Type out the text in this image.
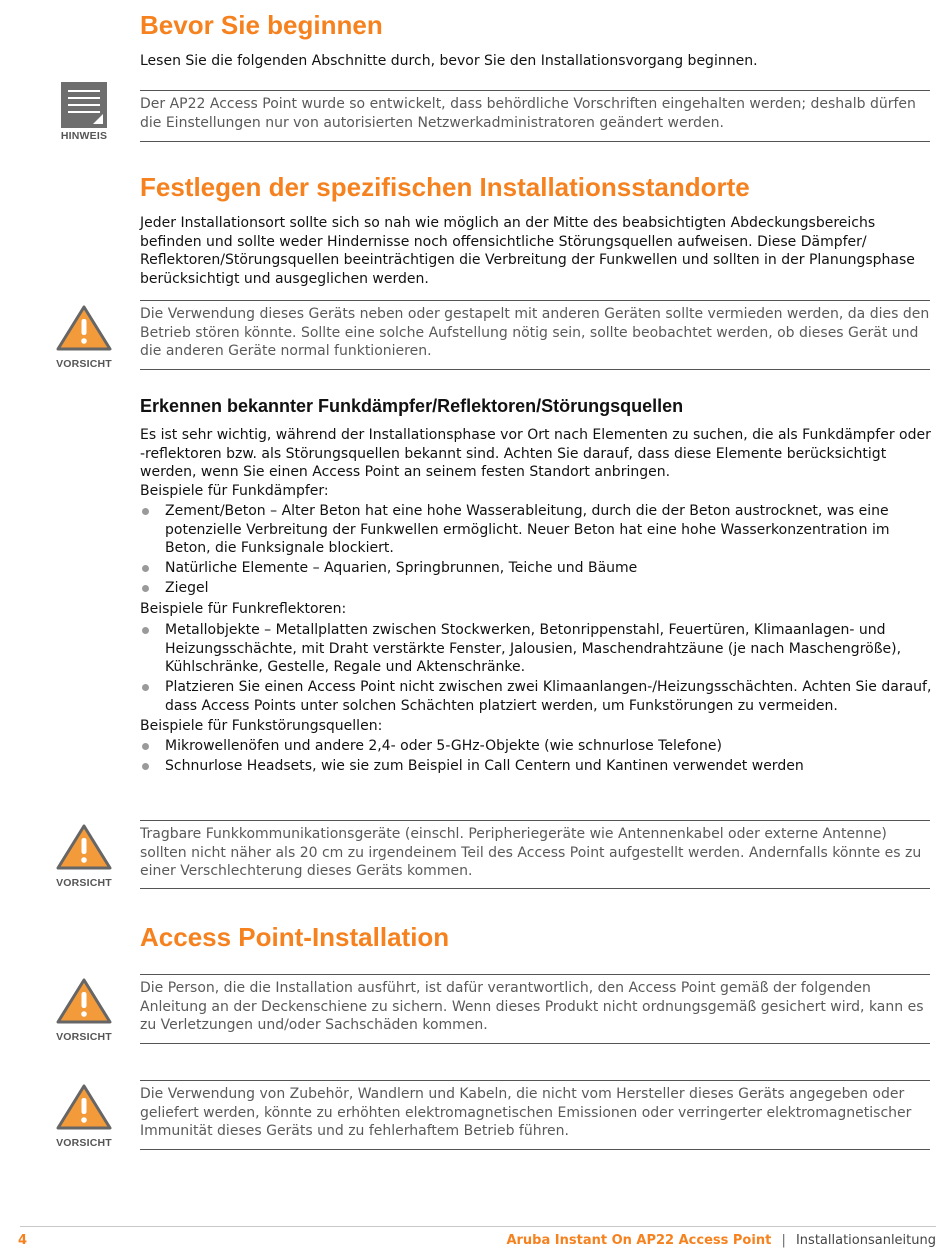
Bevor Sie beginnen
Lesen Sie die folgenden Abschnitte durch, bevor Sie den Installationsvorgang beginnen.
HINWEIS
Der AP22 Access Point wurde so entwickelt, dass behördliche Vorschriften eingehalten werden; deshalb dürfen die Einstellungen nur von autorisierten Netzwerkadministratoren geändert werden.
Festlegen der spezifischen Installationsstandorte
Jeder Installationsort sollte sich so nah wie möglich an der Mitte des beabsichtigten Abdeckungsbereichs befinden und sollte weder Hindernisse noch offensichtliche Störungsquellen aufweisen. Diese Dämpfer/ Reflektoren/Störungsquellen beeinträchtigen die Verbreitung der Funkwellen und sollten in der Planungsphase berücksichtigt und ausgeglichen werden.
VORSICHT
Die Verwendung dieses Geräts neben oder gestapelt mit anderen Geräten sollte vermieden werden, da dies den Betrieb stören könnte. Sollte eine solche Aufstellung nötig sein, sollte beobachtet werden, ob dieses Gerät und die anderen Geräte normal funktionieren.
Erkennen bekannter Funkdämpfer/Reflektoren/Störungsquellen
Es ist sehr wichtig, während der Installationsphase vor Ort nach Elementen zu suchen, die als Funkdämpfer oder -reflektoren bzw. als Störungsquellen bekannt sind. Achten Sie darauf, dass diese Elemente berücksichtigt werden, wenn Sie einen Access Point an seinem festen Standort anbringen.
Beispiele für Funkdämpfer:
Zement/Beton – Alter Beton hat eine hohe Wasserableitung, durch die der Beton austrocknet, was eine potenzielle Verbreitung der Funkwellen ermöglicht. Neuer Beton hat eine hohe Wasserkonzentration im Beton, die Funksignale blockiert.
Natürliche Elemente – Aquarien, Springbrunnen, Teiche und Bäume
Ziegel
Beispiele für Funkreflektoren:
Metallobjekte – Metallplatten zwischen Stockwerken, Betonrippenstahl, Feuertüren, Klimaanlagen- und Heizungsschächte, mit Draht verstärkte Fenster, Jalousien, Maschendrahtzäune (je nach Maschengröße), Kühlschränke, Gestelle, Regale und Aktenschränke.
Platzieren Sie einen Access Point nicht zwischen zwei Klimaanlangen-/Heizungsschächten. Achten Sie darauf, dass Access Points unter solchen Schächten platziert werden, um Funkstörungen zu vermeiden.
Beispiele für Funkstörungsquellen:
Mikrowellenöfen und andere 2,4- oder 5-GHz-Objekte (wie schnurlose Telefone)
Schnurlose Headsets, wie sie zum Beispiel in Call Centern und Kantinen verwendet werden
VORSICHT
Tragbare Funkkommunikationsgeräte (einschl. Peripheriegeräte wie Antennenkabel oder externe Antenne) sollten nicht näher als 20 cm zu irgendeinem Teil des Access Point aufgestellt werden. Andernfalls könnte es zu einer Verschlechterung dieses Geräts kommen.
Access Point-Installation
VORSICHT
Die Person, die die Installation ausführt, ist dafür verantwortlich, den Access Point gemäß der folgenden Anleitung an der Deckenschiene zu sichern. Wenn dieses Produkt nicht ordnungsgemäß gesichert wird, kann es zu Verletzungen und/oder Sachschäden kommen.
VORSICHT
Die Verwendung von Zubehör, Wandlern und Kabeln, die nicht vom Hersteller dieses Geräts angegeben oder geliefert werden, könnte zu erhöhten elektromagnetischen Emissionen oder verringerter elektromagnetischer Immunität dieses Geräts und zu fehlerhaftem Betrieb führen.
4	Aruba Instant On AP22 Access Point | Installationsanleitung
